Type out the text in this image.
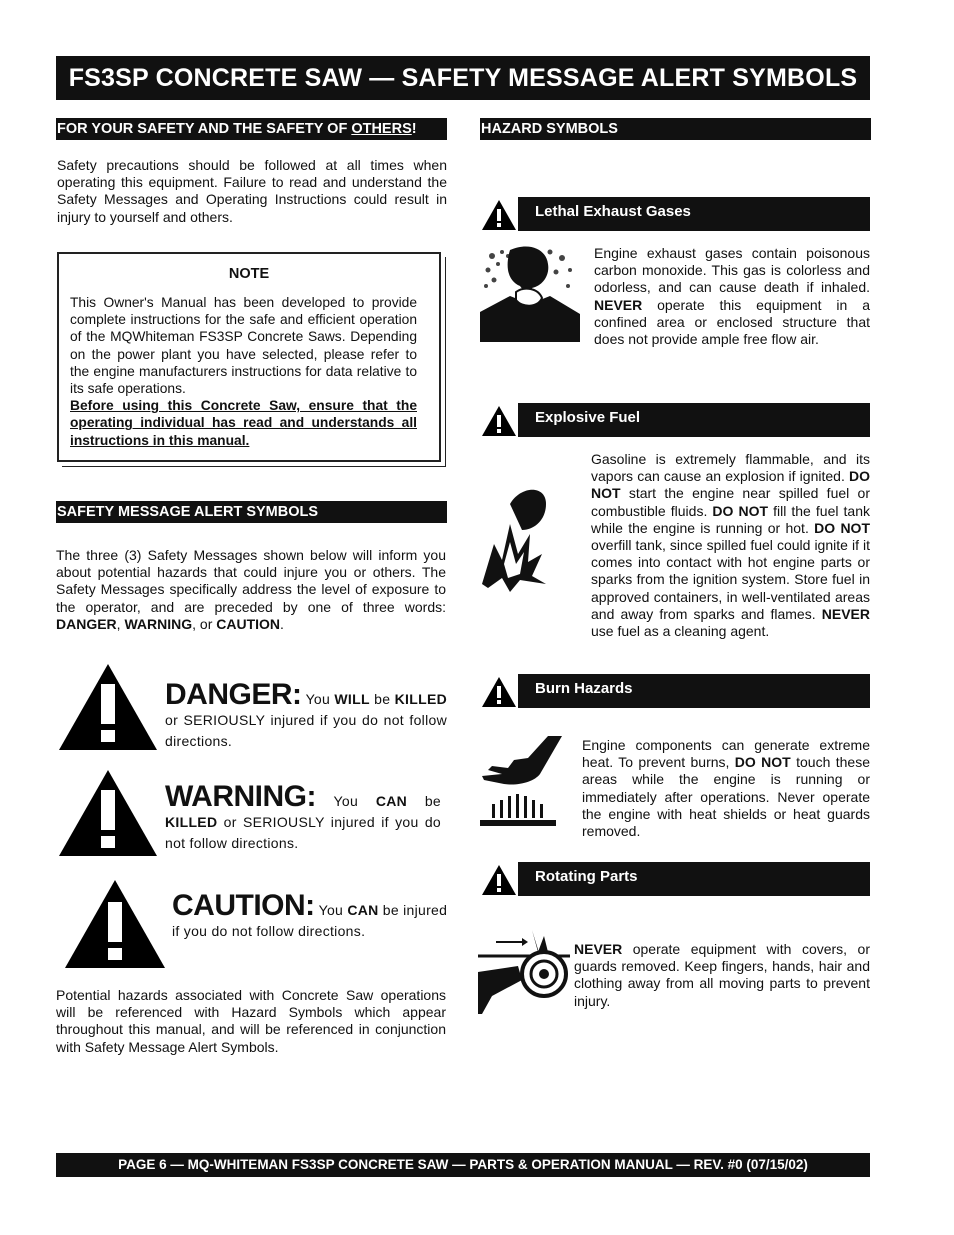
FS3SP CONCRETE SAW — SAFETY MESSAGE ALERT SYMBOLS
FOR YOUR SAFETY AND THE SAFETY OF OTHERS!
Safety precautions should be followed at all times when operating this equipment. Failure to read and understand the Safety Messages and Operating Instructions could result in injury to yourself and others.
NOTE
This Owner's Manual has been developed to provide complete instructions for the safe and efficient operation of the MQWhiteman FS3SP Concrete Saws. Depending on the power plant you have selected, please refer to the engine manufacturers instructions for data relative to its safe operations.
Before using this Concrete Saw, ensure that the operating individual has read and understands all instructions in this manual.
SAFETY MESSAGE ALERT SYMBOLS
The three (3) Safety Messages shown below will inform you about potential hazards that could injure you or others. The Safety Messages specifically address the level of exposure to the operator, and are preceded by one of three words: DANGER, WARNING, or CAUTION.
DANGER: You WILL be KILLED or SERIOUSLY injured if you do not follow directions.
WARNING: You CAN be KILLED or SERIOUSLY injured if you do not follow directions.
CAUTION: You CAN be injured if you do not follow directions.
Potential hazards associated with Concrete Saw operations will be referenced with Hazard Symbols which appear throughout this manual, and will be referenced in conjunction with Safety Message Alert Symbols.
HAZARD SYMBOLS
Lethal Exhaust Gases
Engine exhaust gases contain poisonous carbon monoxide. This gas is colorless and odorless, and can cause death if inhaled. NEVER operate this equipment in a confined area or enclosed structure that does not provide ample free flow air.
Explosive Fuel
Gasoline is extremely flammable, and its vapors can cause an explosion if ignited. DO NOT start the engine near spilled fuel or combustible fluids. DO NOT fill the fuel tank while the engine is running or hot. DO NOT overfill tank, since spilled fuel could ignite if it comes into contact with hot engine parts or sparks from the ignition system. Store fuel in approved containers, in well-ventilated areas and away from sparks and flames. NEVER use fuel as a cleaning agent.
Burn Hazards
Engine components can generate extreme heat. To prevent burns, DO NOT touch these areas while the engine is running or immediately after operations. Never operate the engine with heat shields or heat guards removed.
Rotating Parts
NEVER operate equipment with covers, or guards removed. Keep fingers, hands, hair and clothing away from all moving parts to prevent injury.
PAGE 6 — MQ-WHITEMAN FS3SP CONCRETE SAW — PARTS & OPERATION MANUAL — REV. #0 (07/15/02)
